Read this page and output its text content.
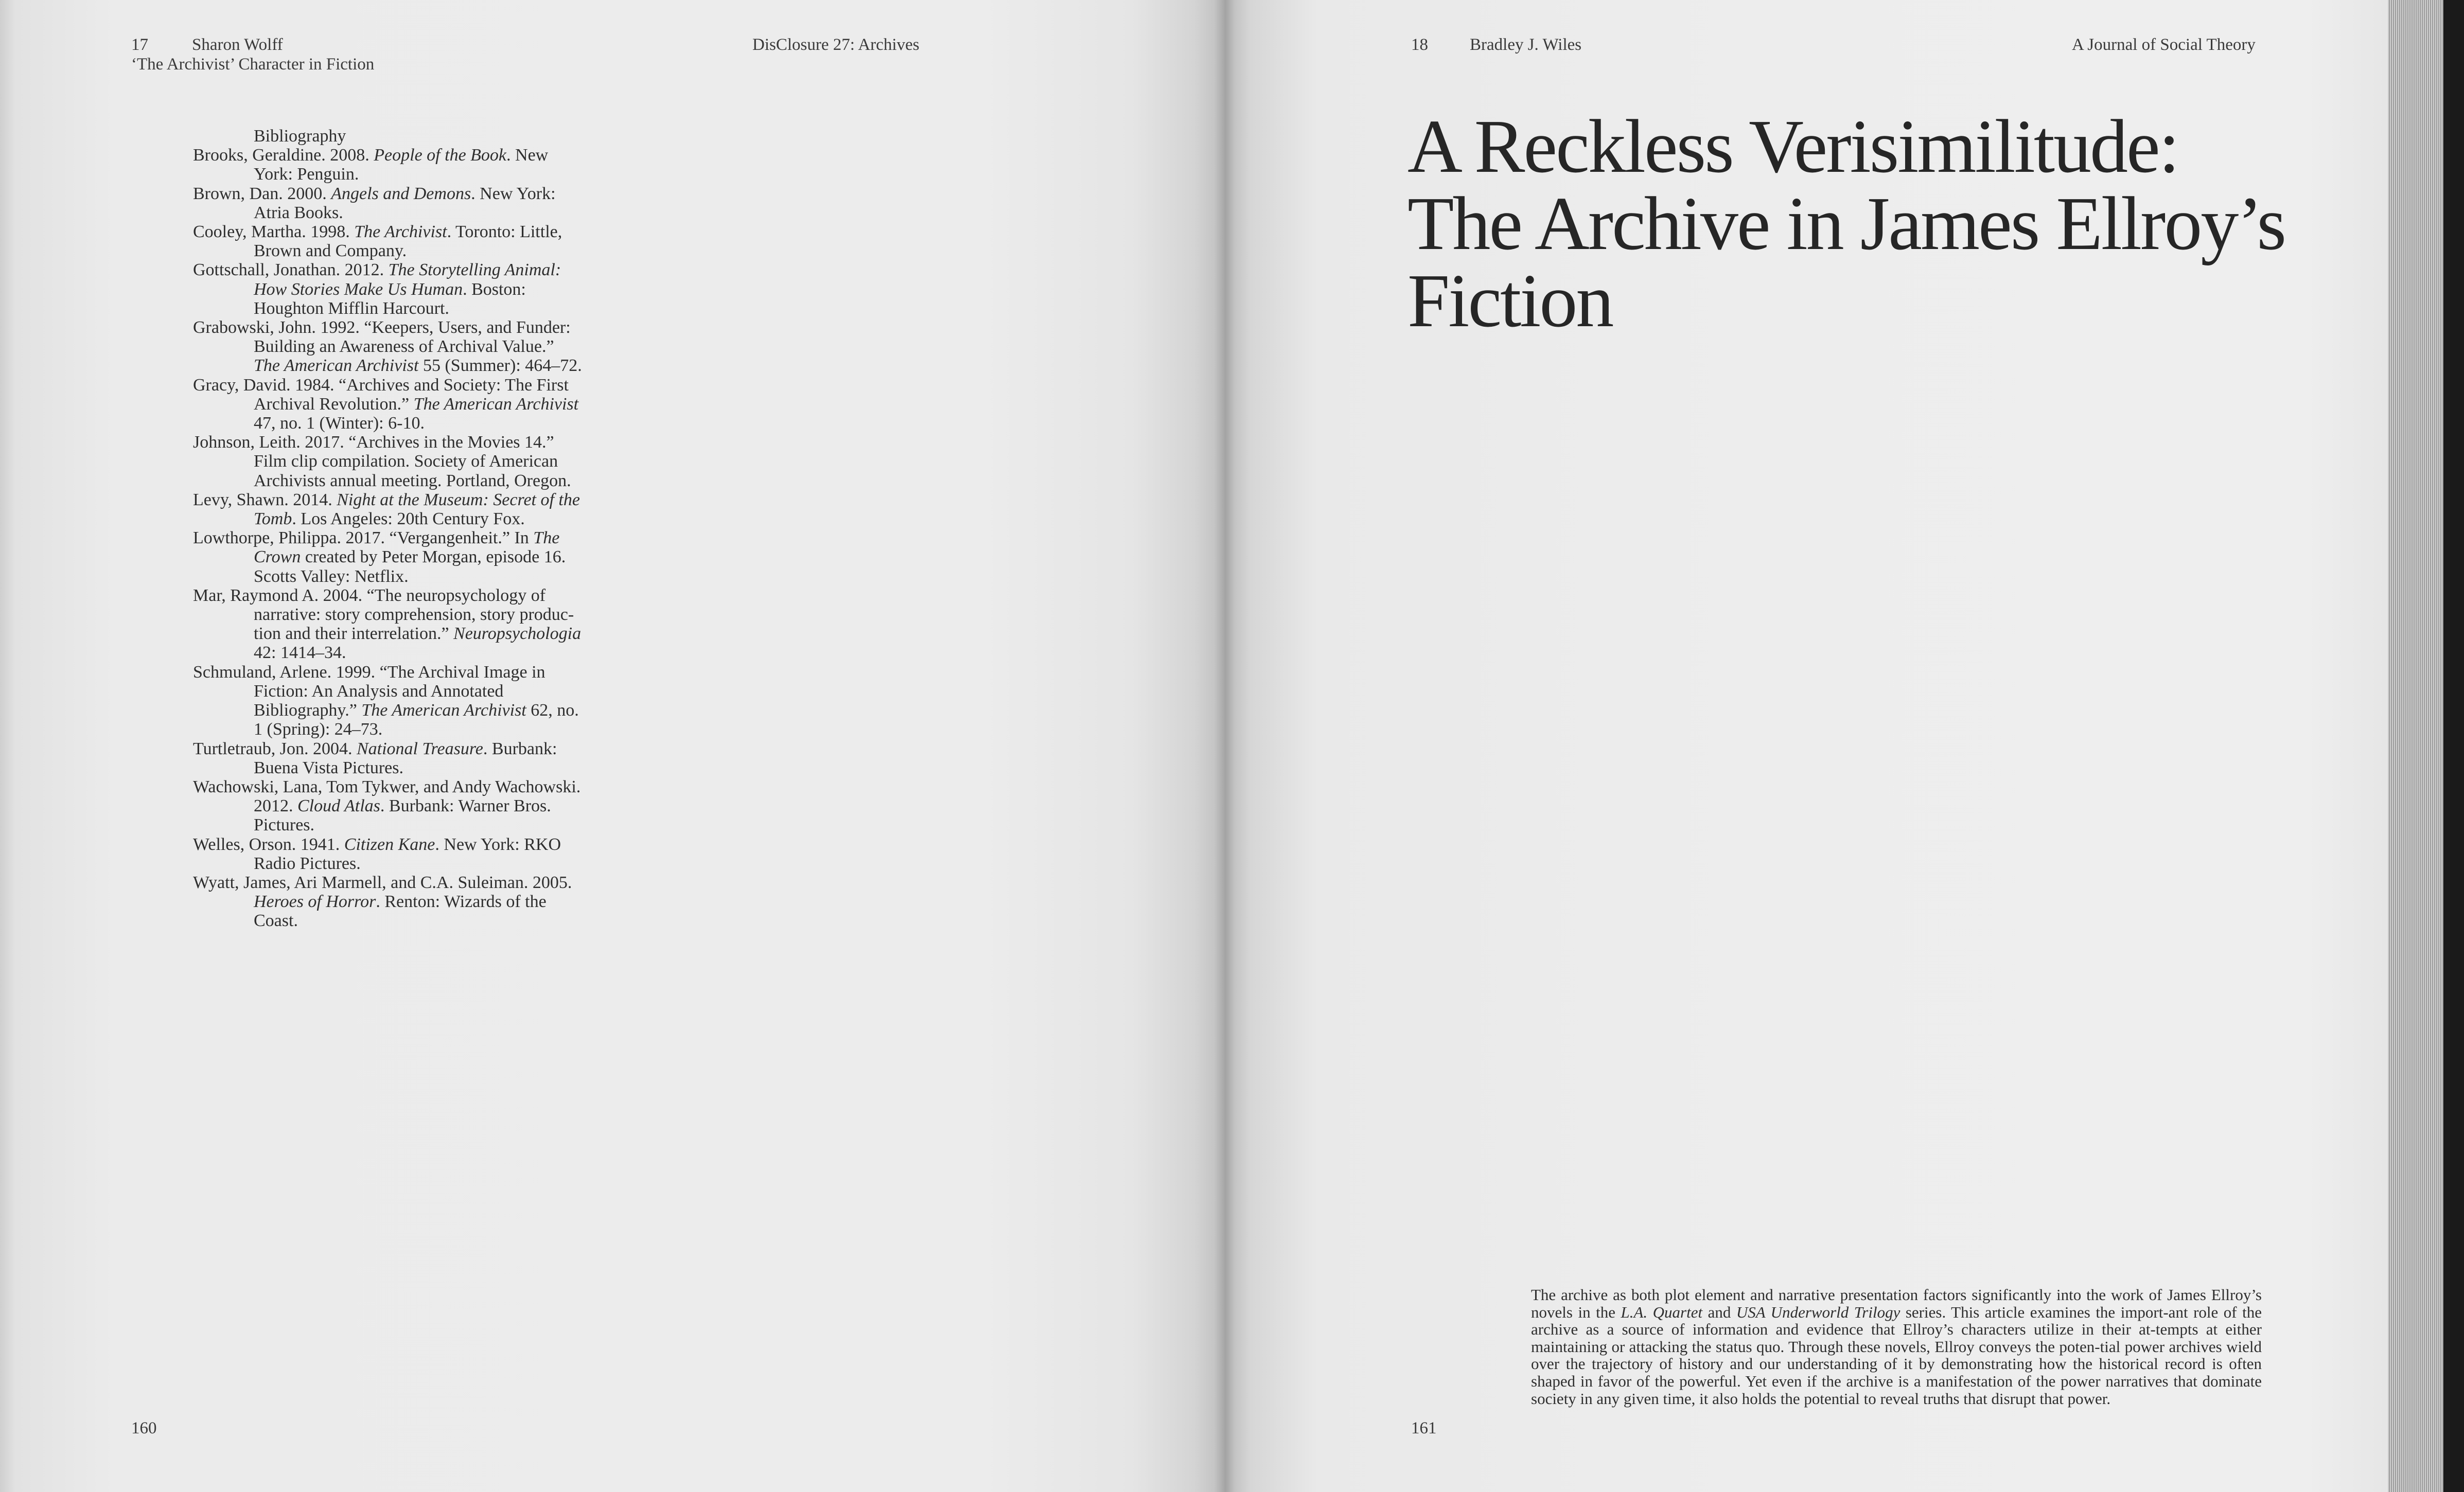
17	Sharon Wolff
‘The Archivist’ Character in Fiction
DisClosure 27: Archives
Bibliography
Brooks, Geraldine. 2008. People of the Book. New York: Penguin.
Brown, Dan. 2000. Angels and Demons. New York: Atria Books.
Cooley, Martha. 1998. The Archivist. Toronto: Little, Brown and Company.
Gottschall, Jonathan. 2012. The Storytelling Animal: How Stories Make Us Human. Boston: Houghton Mifflin Harcourt.
Grabowski, John. 1992. “Keepers, Users, and Funder: Building an Awareness of Archival Value.” The American Archivist 55 (Summer): 464–72.
Gracy, David. 1984. “Archives and Society: The First Archival Revolution.” The American Archivist 47, no. 1 (Winter): 6-10.
Johnson, Leith. 2017. “Archives in the Movies 14.” Film clip compilation. Society of American Archivists annual meeting. Portland, Oregon.
Levy, Shawn. 2014. Night at the Museum: Secret of the Tomb. Los Angeles: 20th Century Fox.
Lowthorpe, Philippa. 2017. “Vergangenheit.” In The Crown created by Peter Morgan, episode 16. Scotts Valley: Netflix.
Mar, Raymond A. 2004. “The neuropsychology of narrative: story comprehension, story produc-tion and their interrelation.” Neuropsychologia 42: 1414–34.
Schmuland, Arlene. 1999. “The Archival Image in Fiction: An Analysis and Annotated Bibliography.” The American Archivist 62, no. 1 (Spring): 24–73.
Turtletraub, Jon. 2004. National Treasure. Burbank: Buena Vista Pictures.
Wachowski, Lana, Tom Tykwer, and Andy Wachowski. 2012. Cloud Atlas. Burbank: Warner Bros. Pictures.
Welles, Orson. 1941. Citizen Kane. New York: RKO Radio Pictures.
Wyatt, James, Ari Marmell, and C.A. Suleiman. 2005. Heroes of Horror. Renton: Wizards of the Coast.
160
18 Bradley J. Wiles	A Journal of Social Theory
161
A Reckless Verisimilitude:
The Archive in James Ellroy’s
Fiction

The archive as both plot element and narrative presentation factors significantly into the work of James Ellroy’s novels in the L.A. Quartet and USA Underworld Trilogy series. This article examines the import-ant role of the archive as a source of information and evidence that Ellroy’s characters utilize in their at-tempts at either maintaining or attacking the status quo. Through these novels, Ellroy conveys the poten-tial power archives wield over the trajectory of history and our understanding of it by demonstrating how the historical record is often shaped in favor of the powerful. Yet even if the archive is a manifestation of the power narratives that dominate society in any given time, it also holds the potential to reveal truths that disrupt that power.
